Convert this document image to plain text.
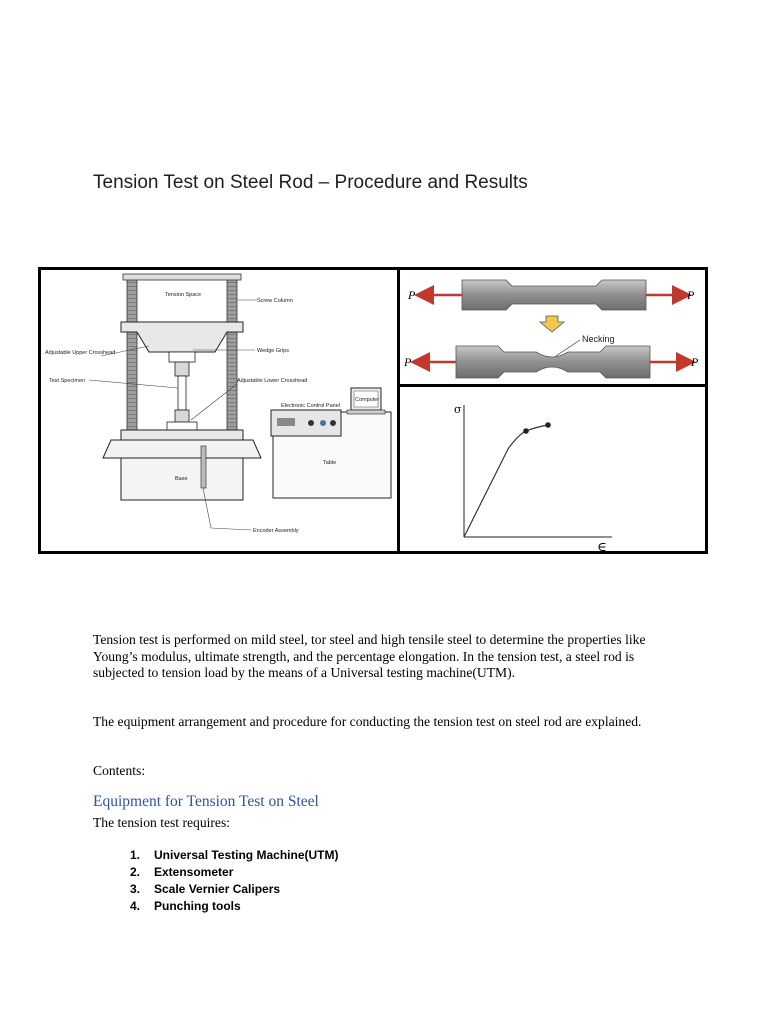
Tension Test on Steel Rod – Procedure and Results
Tension Space
Screw Column
Adjustable Upper Crosshead	Wedge Grips
Test Specimen	Adjustable Lower Crosshead
Electronic Control Panel
Computer
Table
Base
Encoder Assembly
P	P
P	P
Necking
σ
∈

Tension test is performed on mild steel, tor steel and high tensile steel to determine the properties like Young’s modulus, ultimate strength, and the percentage elongation. In the tension test, a steel rod is subjected to tension load by the means of a Universal testing machine(UTM).

The equipment arrangement and procedure for conducting the tension test on steel rod are explained.

Contents:

Equipment for Tension Test on Steel

The tension test requires:

1. Universal Testing Machine(UTM)
2. Extensometer
3. Scale Vernier Calipers
4. Punching tools
